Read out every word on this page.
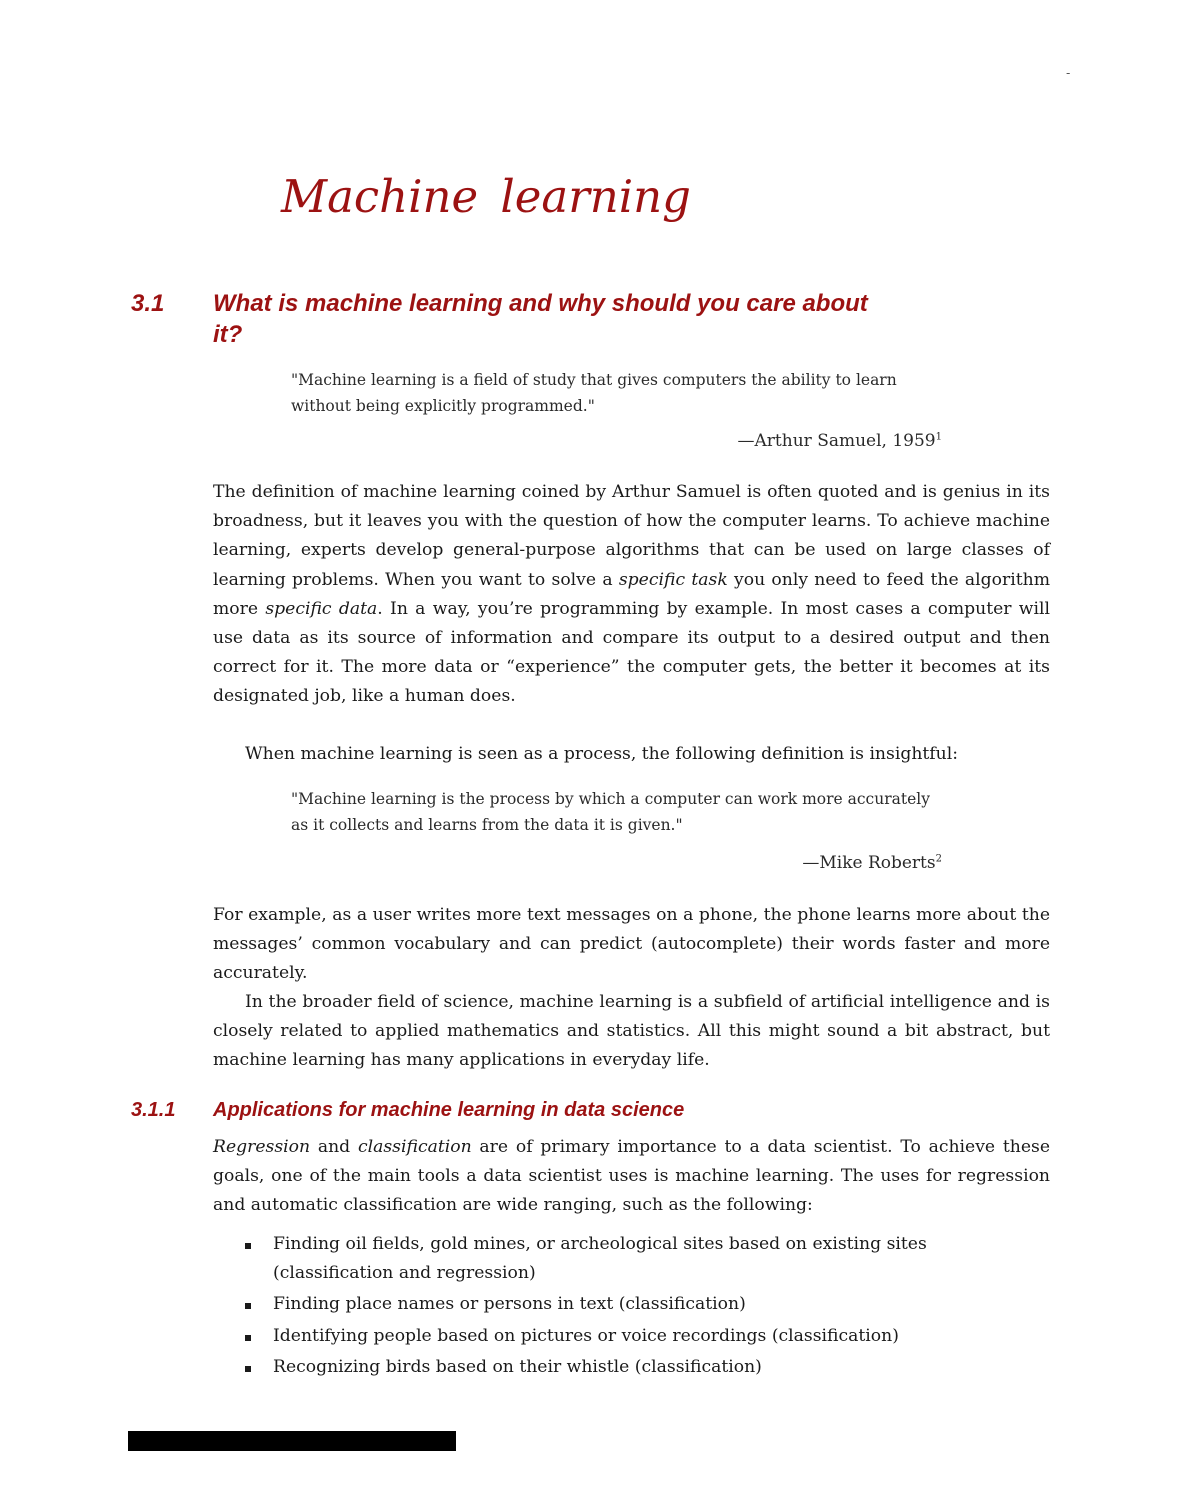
-
Machine learning
3.1 What is machine learning and why should you care about it?

"Machine learning is a field of study that gives computers the ability to learn without being explicitly programmed."

—Arthur Samuel, 1959$^1$

The definition of machine learning coined by Arthur Samuel is often quoted and is genius in its broadness, but it leaves you with the question of how the computer learns. To achieve machine learning, experts develop general-purpose algorithms that can be used on large classes of learning problems. When you want to solve a specific task you only need to feed the algorithm more specific data. In a way, you’re programming by example. In most cases a computer will use data as its source of information and compare its output to a desired output and then correct for it. The more data or “experience” the computer gets, the better it becomes at its designated job, like a human does.

When machine learning is seen as a process, the following definition is insightful:

"Machine learning is the process by which a computer can work more accurately as it collects and learns from the data it is given."

—Mike Roberts$^2$

For example, as a user writes more text messages on a phone, the phone learns more about the messages’ common vocabulary and can predict (autocomplete) their words faster and more accurately.

In the broader field of science, machine learning is a subfield of artificial intelligence and is closely related to applied mathematics and statistics. All this might sound a bit abstract, but machine learning has many applications in everyday life.

3.1.1 Applications for machine learning in data science

Regression and classification are of primary importance to a data scientist. To achieve these goals, one of the main tools a data scientist uses is machine learning. The uses for regression and automatic classification are wide ranging, such as the following:

Finding oil fields, gold mines, or archeological sites based on existing sites (classification and regression)
Finding place names or persons in text (classification)
Identifying people based on pictures or voice recordings (classification)
Recognizing birds based on their whistle (classification)
